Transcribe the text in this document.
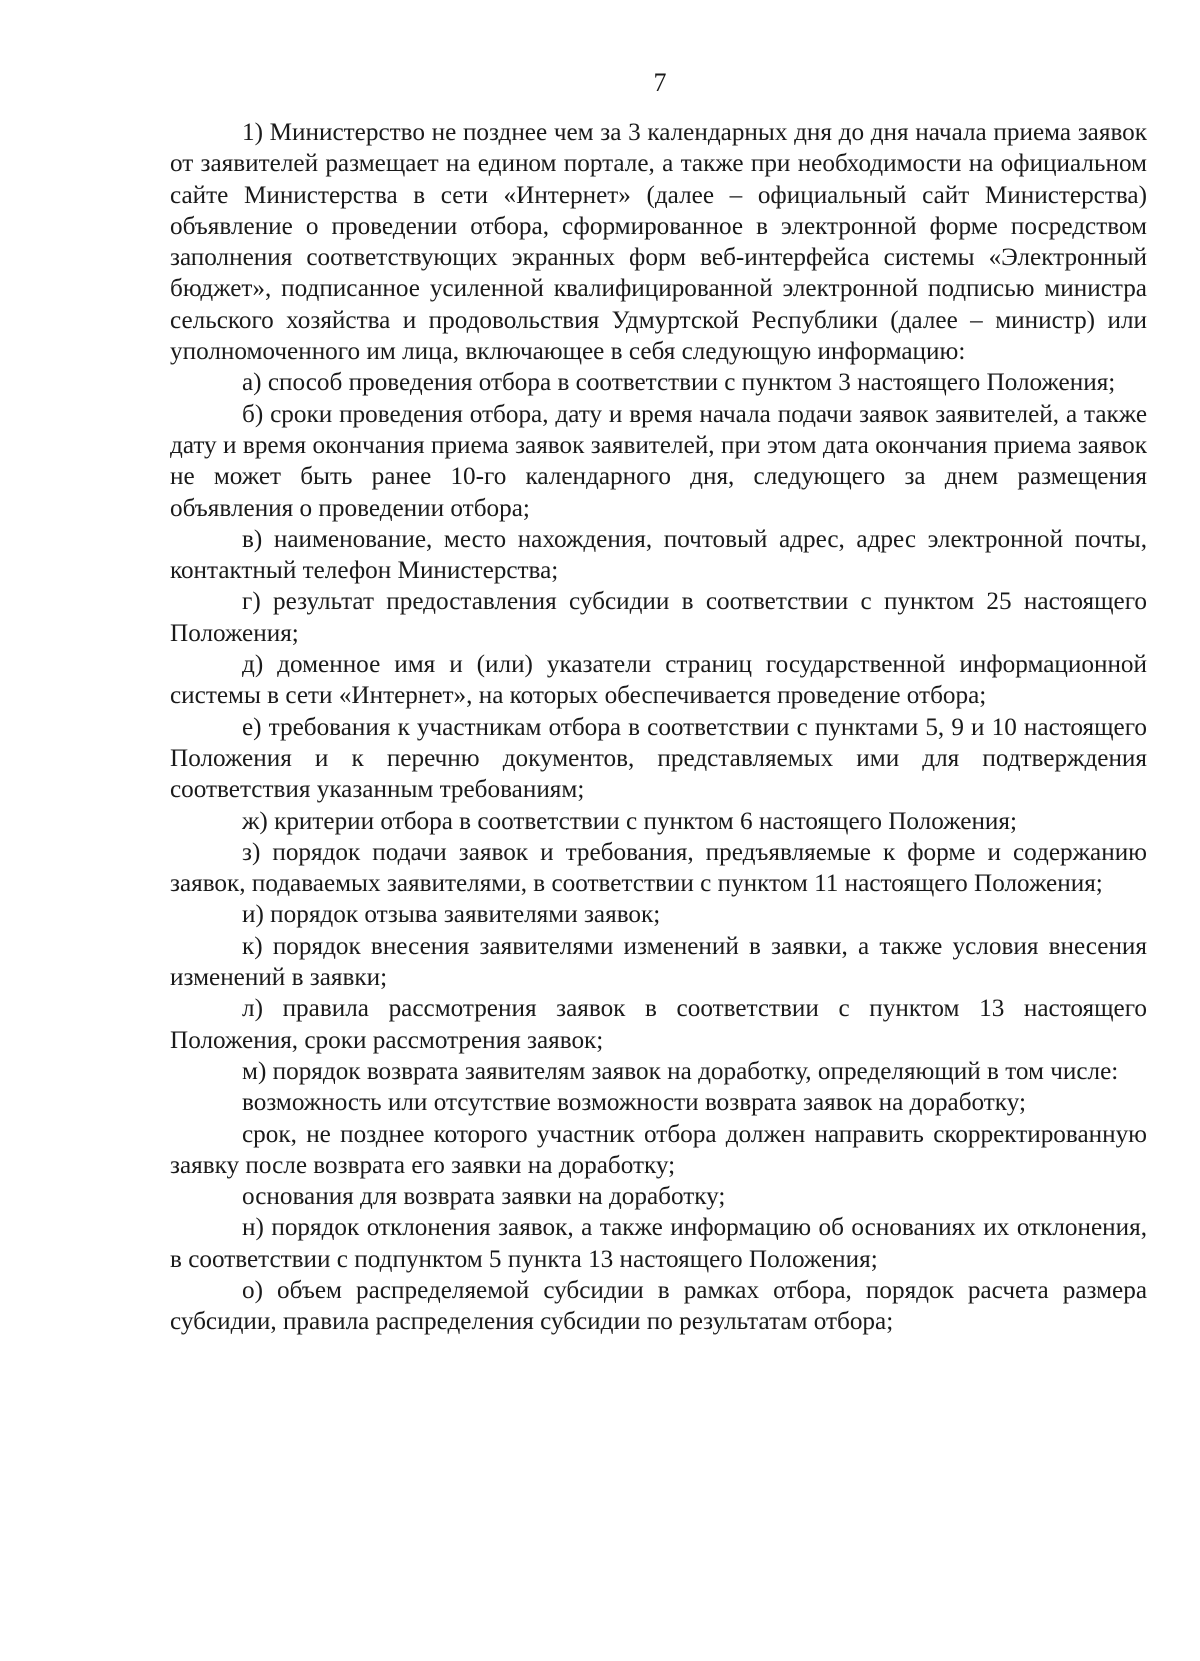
7

1) Министерство не позднее чем за 3 календарных дня до дня начала приема заявок от заявителей размещает на едином портале, а также при необходимости на официальном сайте Министерства в сети «Интернет» (далее – официальный сайт Министерства) объявление о проведении отбора, сформированное в электронной форме посредством заполнения соответствующих экранных форм веб-интерфейса системы «Электронный бюджет», подписанное усиленной квалифицированной электронной подписью министра сельского хозяйства и продовольствия Удмуртской Республики (далее – министр) или уполномоченного им лица, включающее в себя следующую информацию:

а) способ проведения отбора в соответствии с пунктом 3 настоящего Положения;

б) сроки проведения отбора, дату и время начала подачи заявок заявителей, а также дату и время окончания приема заявок заявителей, при этом дата окончания приема заявок не может быть ранее 10-го календарного дня, следующего за днем размещения объявления о проведении отбора;

в) наименование, место нахождения, почтовый адрес, адрес электронной почты, контактный телефон Министерства;

г) результат предоставления субсидии в соответствии с пунктом 25 настоящего Положения;

д) доменное имя и (или) указатели страниц государственной информационной системы в сети «Интернет», на которых обеспечивается проведение отбора;

е) требования к участникам отбора в соответствии с пунктами 5, 9 и 10 настоящего Положения и к перечню документов, представляемых ими для подтверждения соответствия указанным требованиям;

ж) критерии отбора в соответствии с пунктом 6 настоящего Положения;

з) порядок подачи заявок и требования, предъявляемые к форме и содержанию заявок, подаваемых заявителями, в соответствии с пунктом 11 настоящего Положения;

и) порядок отзыва заявителями заявок;

к) порядок внесения заявителями изменений в заявки, а также условия внесения изменений в заявки;

л) правила рассмотрения заявок в соответствии с пунктом 13 настоящего Положения, сроки рассмотрения заявок;

м) порядок возврата заявителям заявок на доработку, определяющий в том числе:

возможность или отсутствие возможности возврата заявок на доработку;

срок, не позднее которого участник отбора должен направить скорректированную заявку после возврата его заявки на доработку;

основания для возврата заявки на доработку;

н) порядок отклонения заявок, а также информацию об основаниях их отклонения, в соответствии с подпунктом 5 пункта 13 настоящего Положения;

о) объем распределяемой субсидии в рамках отбора, порядок расчета размера субсидии, правила распределения субсидии по результатам отбора;
